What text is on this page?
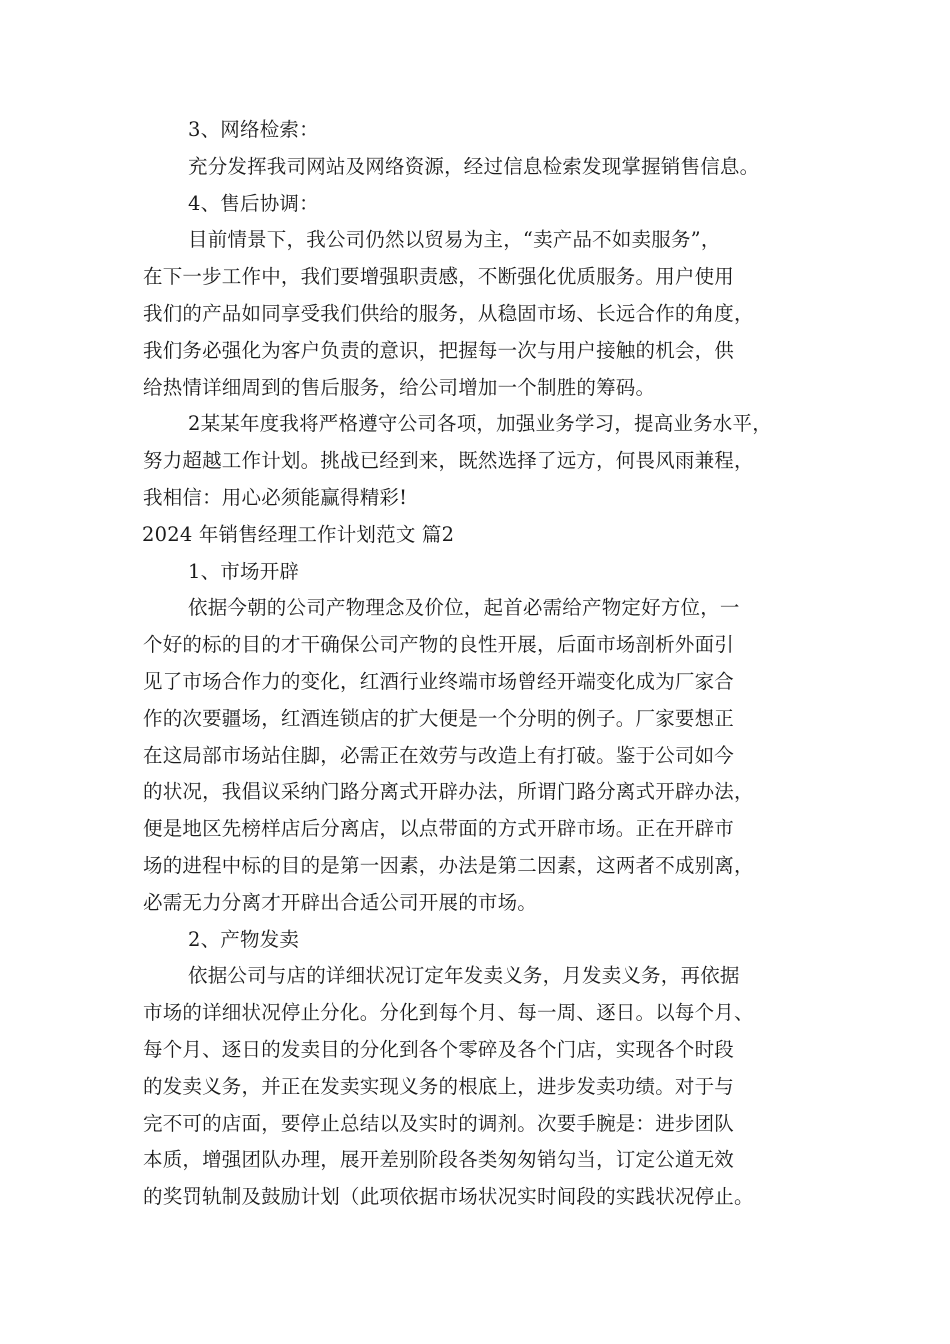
3、网络检索：
充分发挥我司网站及网络资源，经过信息检索发现掌握销售信息。
4、售后协调：
目前情景下，我公司仍然以贸易为主，“卖产品不如卖服务”，
在下一步工作中，我们要增强职责感，不断强化优质服务。用户使用
我们的产品如同享受我们供给的服务，从稳固市场、长远合作的角度，
我们务必强化为客户负责的意识，把握每一次与用户接触的机会，供
给热情详细周到的售后服务，给公司增加一个制胜的筹码。
2某某年度我将严格遵守公司各项，加强业务学习，提高业务水平，
努力超越工作计划。挑战已经到来，既然选择了远方，何畏风雨兼程，
我相信：用心必须能赢得精彩!
2024 年销售经理工作计划范文 篇2
1、市场开辟
依据今朝的公司产物理念及价位，起首必需给产物定好方位，一
个好的标的目的才干确保公司产物的良性开展，后面市场剖析外面引
见了市场合作力的变化，红酒行业终端市场曾经开端变化成为厂家合
作的次要疆场，红酒连锁店的扩大便是一个分明的例子。厂家要想正
在这局部市场站住脚，必需正在效劳与改造上有打破。鉴于公司如今
的状况，我倡议采纳门路分离式开辟办法，所谓门路分离式开辟办法，
便是地区先榜样店后分离店，以点带面的方式开辟市场。正在开辟市
场的进程中标的目的是第一因素，办法是第二因素，这两者不成别离，
必需无力分离才开辟出合适公司开展的市场。
2、产物发卖
依据公司与店的详细状况订定年发卖义务，月发卖义务，再依据
市场的详细状况停止分化。分化到每个月、每一周、逐日。以每个月、
每个月、逐日的发卖目的分化到各个零碎及各个门店，实现各个时段
的发卖义务，并正在发卖实现义务的根底上，进步发卖功绩。对于与
完不可的店面，要停止总结以及实时的调剂。次要手腕是：进步团队
本质，增强团队办理，展开差别阶段各类匆匆销勾当，订定公道无效
的奖罚轨制及鼓励计划（此项依据市场状况实时间段的实践状况停止。
